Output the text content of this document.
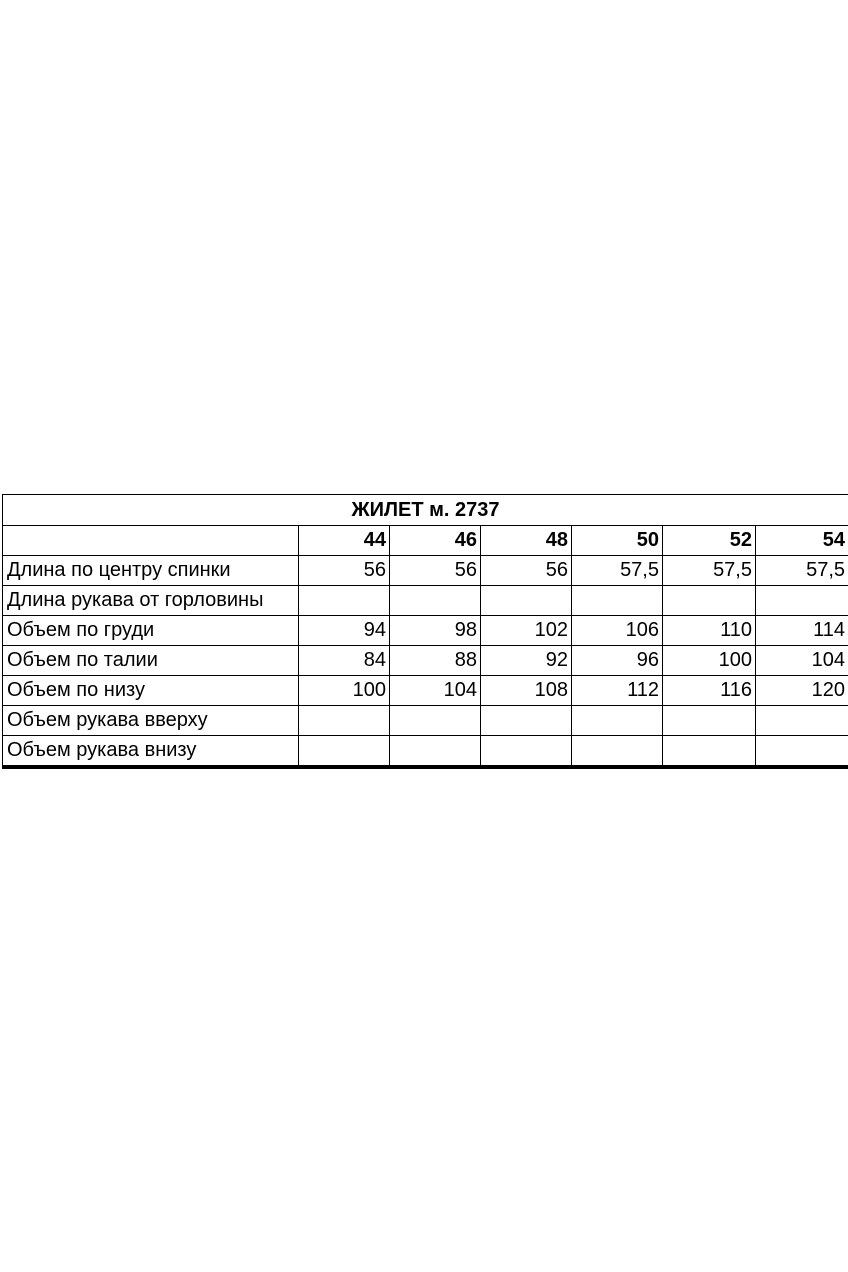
ЖИЛЕТ м. 2737						
	44	46	48	50	52	54
Длина по центру спинки	56	56	56	57,5	57,5	57,5
Длина рукава от горловины						
Объем по груди	94	98	102	106	110	114
Объем по талии	84	88	92	96	100	104
Объем по низу	100	104	108	112	116	120
Объем рукава вверху						
Объем рукава внизу						
